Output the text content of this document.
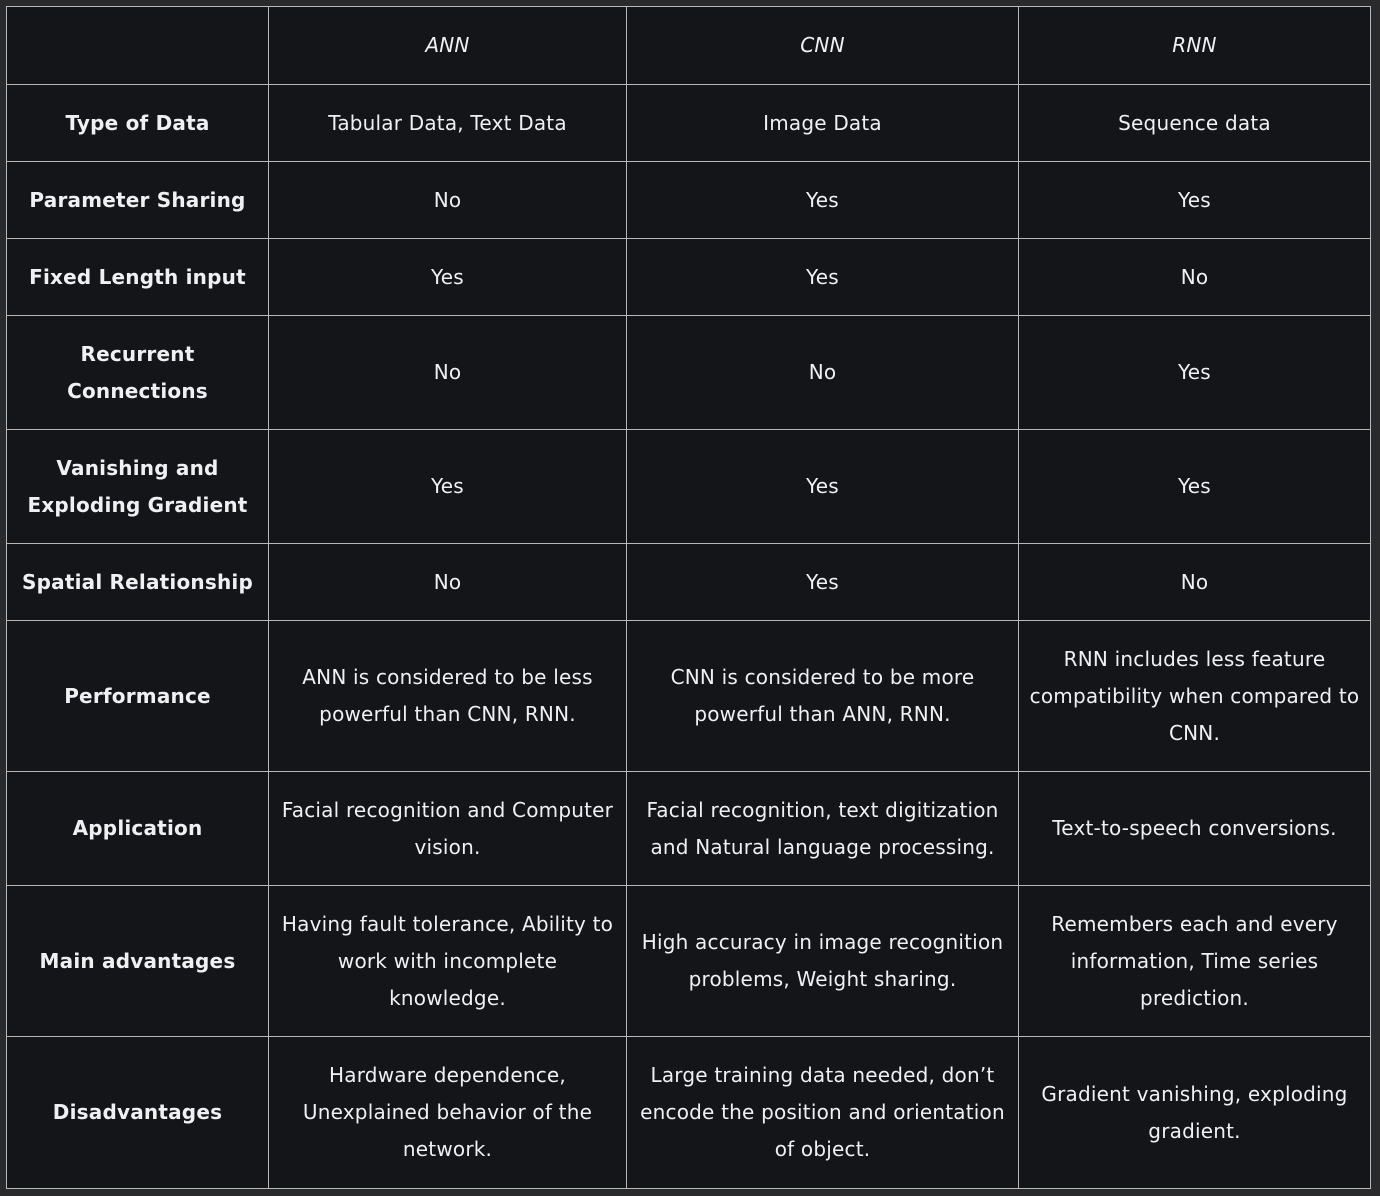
	ANN	CNN	RNN
Type of Data	Tabular Data, Text Data	Image Data	Sequence data
Parameter Sharing	No	Yes	Yes
Fixed Length input	Yes	Yes	No
Recurrent Connections	No	No	Yes
Vanishing and Exploding Gradient	Yes	Yes	Yes
Spatial Relationship	No	Yes	No
Performance	ANN is considered to be less powerful than CNN, RNN.	CNN is considered to be more powerful than ANN, RNN.	RNN includes less feature compatibility when compared to CNN.
Application	Facial recognition and Computer vision.	Facial recognition, text digitization and Natural language processing.	Text-to-speech conversions.
Main advantages	Having fault tolerance, Ability to work with incomplete knowledge.	High accuracy in image recognition problems, Weight sharing.	Remembers each and every information, Time series prediction.
Disadvantages	Hardware dependence, Unexplained behavior of the network.	Large training data needed, don’t encode the position and orientation of object.	Gradient vanishing, exploding gradient.
